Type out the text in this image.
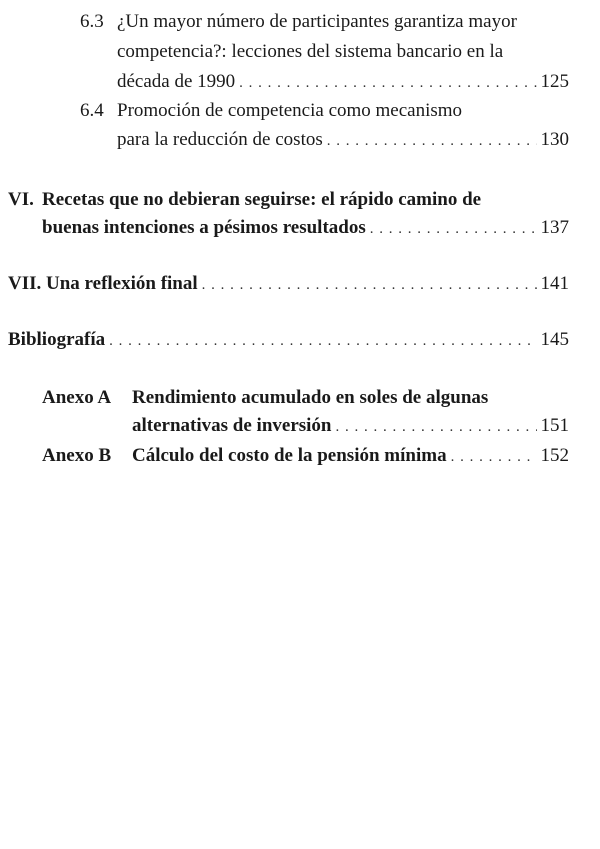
6.3 ¿Un mayor número de participantes garantiza mayor
competencia?: lecciones del sistema bancario en la
década de 1990 . . .	125
6.4 Promoción de competencia como mecanismo
para la reducción de costos . . .	130
VI. Recetas que no debieran seguirse: el rápido camino de
buenas intenciones a pésimos resultados . . .	137
VII. Una reflexión final . . .	141
Bibliografía . . .	145
Anexo A Rendimiento acumulado en soles de algunas
alternativas de inversión . . .	151
Anexo B Cálculo del costo de la pensión mínima . . .	152
